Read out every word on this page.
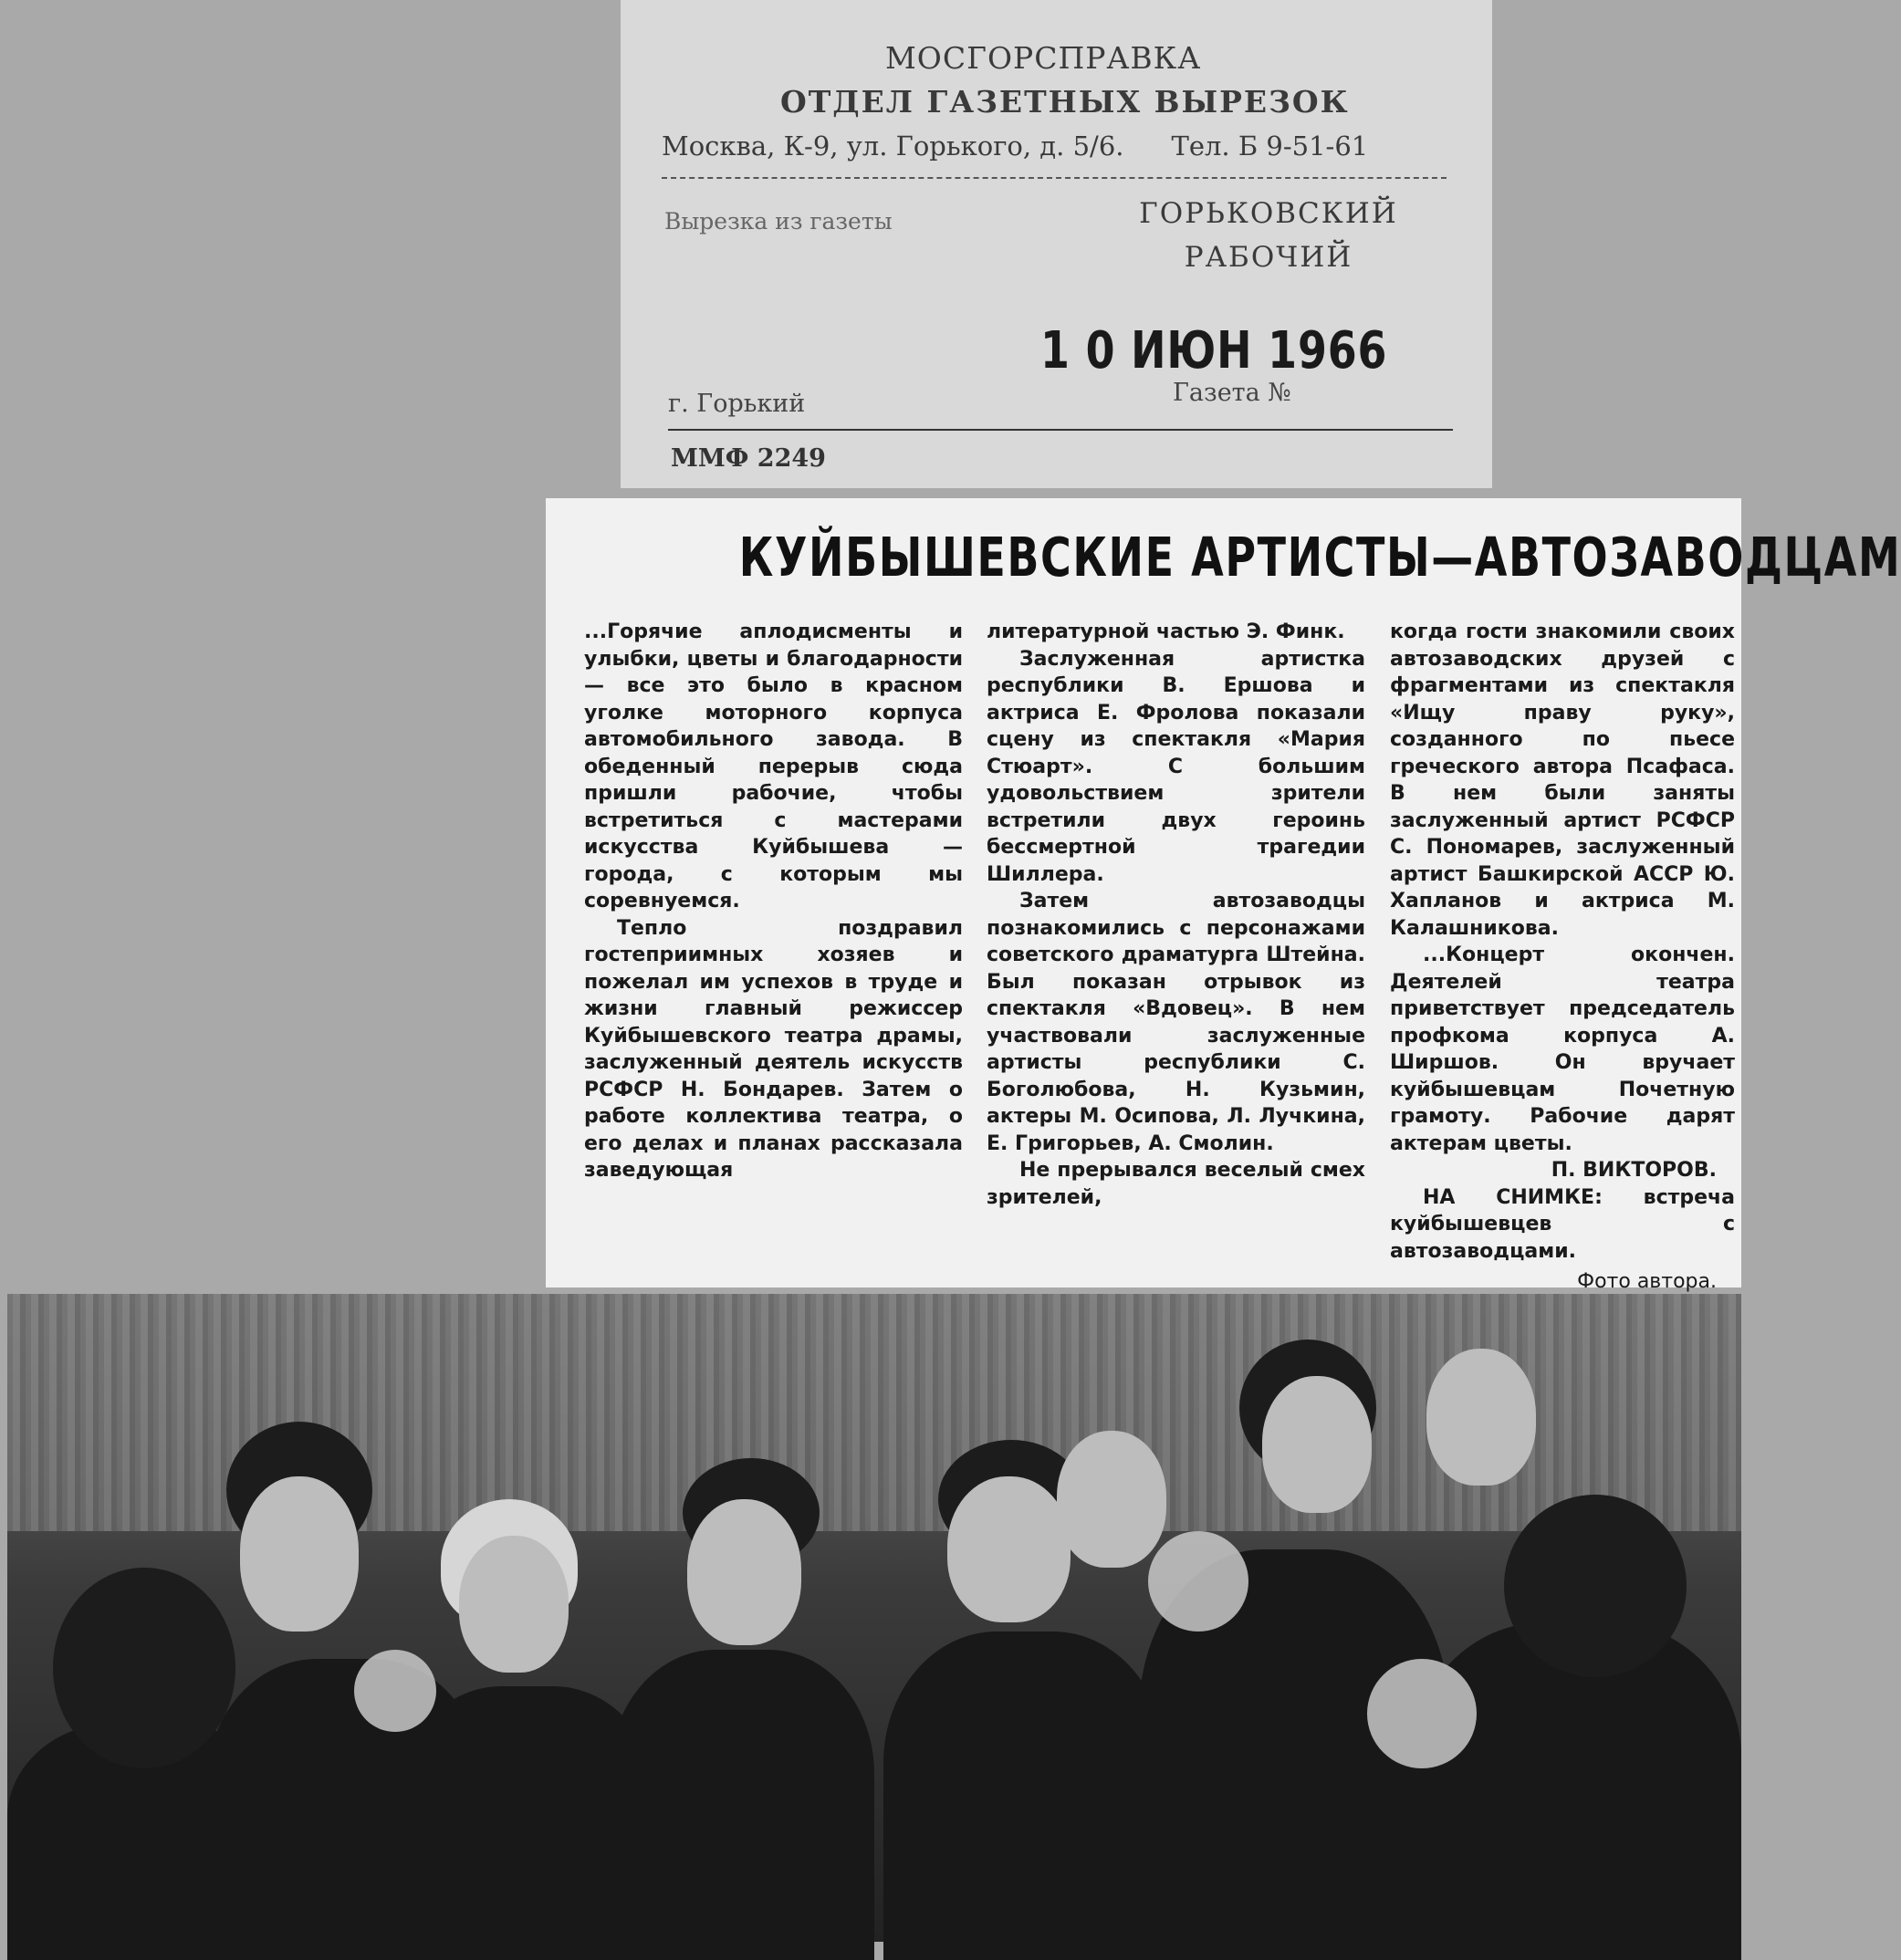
МОСГОРСПРАВКА
ОТДЕЛ ГАЗЕТНЫХ ВЫРЕЗОК
Москва, К-9, ул. Горького, д. 5/6. Тел. Б 9-51-61
Вырезка из газеты	ГОРЬКОВСКИЙ РАБОЧИЙ
1 0 ИЮН 1966
г. Горький	Газета №
ММФ 2249
КУЙБЫШЕВСКИЕ АРТИСТЫ—АВТОЗАВОДЦАМ

...Горячие аплодисменты и улыбки, цветы и благодарности — все это было в красном уголке моторного корпуса автомобильного завода. В обеденный перерыв сюда пришли рабочие, чтобы встретиться с мастерами искусства Куйбышева — города, с которым мы соревнуемся.

Тепло поздравил гостеприимных хозяев и пожелал им успехов в труде и жизни главный режиссер Куйбышевского театра драмы, заслуженный деятель искусств РСФСР Н. Бондарев. Затем о работе коллектива театра, о его делах и планах рассказала заведующая

литературной частью Э. Финк.

Заслуженная артистка республики В. Ершова и актриса Е. Фролова показали сцену из спектакля «Мария Стюарт». С большим удовольствием зрители встретили двух героинь бессмертной трагедии Шиллера.

Затем автозаводцы познакомились с персонажами советского драматурга Штейна. Был показан отрывок из спектакля «Вдовец». В нем участвовали заслуженные артисты республики С. Боголюбова, Н. Кузьмин, актеры М. Осипова, Л. Лучкина, Е. Григорьев, А. Смолин.

Не прерывался веселый смех зрителей,

когда гости знакомили своих автозаводских друзей с фрагментами из спектакля «Ищу праву руку», созданного по пьесе греческого автора Псафаса. В нем были заняты заслуженный артист РСФСР С. Пономарев, заслуженный артист Башкирской АССР Ю. Хапланов и актриса М. Калашникова.

...Концерт окончен. Деятелей театра приветствует председатель профкома корпуса А. Ширшов. Он вручает куйбышевцам Почетную грамоту. Рабочие дарят актерам цветы.

П. ВИКТОРОВ.

НА СНИМКЕ: встреча куйбышевцев с автозаводцами.

Фото автора.
